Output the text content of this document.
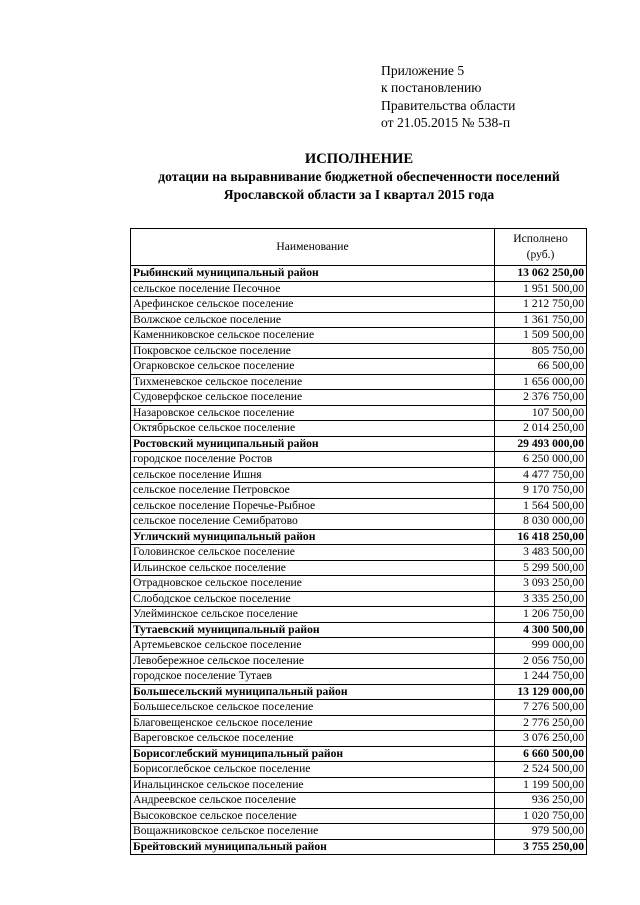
Приложение 5
к постановлению
Правительства области
от 21.05.2015 № 538-п
ИСПОЛНЕНИЕ
дотации на выравнивание бюджетной обеспеченности поселений
Ярославской области за I квартал 2015 года
Наименование	Исполнено
(руб.)

Рыбинский муниципальный район	13 062 250,00
сельское поселение Песочное	1 951 500,00
Арефинское сельское поселение	1 212 750,00
Волжское сельское поселение	1 361 750,00
Каменниковское сельское поселение	1 509 500,00
Покровское сельское поселение	805 750,00
Огарковское сельское поселение	66 500,00
Тихменевское сельское поселение	1 656 000,00
Судоверфское сельское поселение	2 376 750,00
Назаровское сельское поселение	107 500,00
Октябрьское сельское поселение	2 014 250,00
Ростовский муниципальный район	29 493 000,00
городское поселение Ростов	6 250 000,00
сельское поселение Ишня	4 477 750,00
сельское поселение Петровское	9 170 750,00
сельское поселение Поречье-Рыбное	1 564 500,00
сельское поселение Семибратово	8 030 000,00
Угличский муниципальный район	16 418 250,00
Головинское сельское поселение	3 483 500,00
Ильинское сельское поселение	5 299 500,00
Отрадновское сельское поселение	3 093 250,00
Слободское сельское поселение	3 335 250,00
Улейминское сельское поселение	1 206 750,00
Тутаевский муниципальный район	4 300 500,00
Артемьевское сельское поселение	999 000,00
Левобережное сельское поселение	2 056 750,00
городское поселение Тутаев	1 244 750,00
Большесельский муниципальный район	13 129 000,00
Большесельское сельское поселение	7 276 500,00
Благовещенское сельское поселение	2 776 250,00
Вареговское сельское поселение	3 076 250,00
Борисоглебский муниципальный район	6 660 500,00
Борисоглебское сельское поселение	2 524 500,00
Инальцинское сельское поселение	1 199 500,00
Андреевское сельское поселение	936 250,00
Высоковское сельское поселение	1 020 750,00
Вощажниковское сельское поселение	979 500,00
Брейтовский муниципальный район	3 755 250,00
